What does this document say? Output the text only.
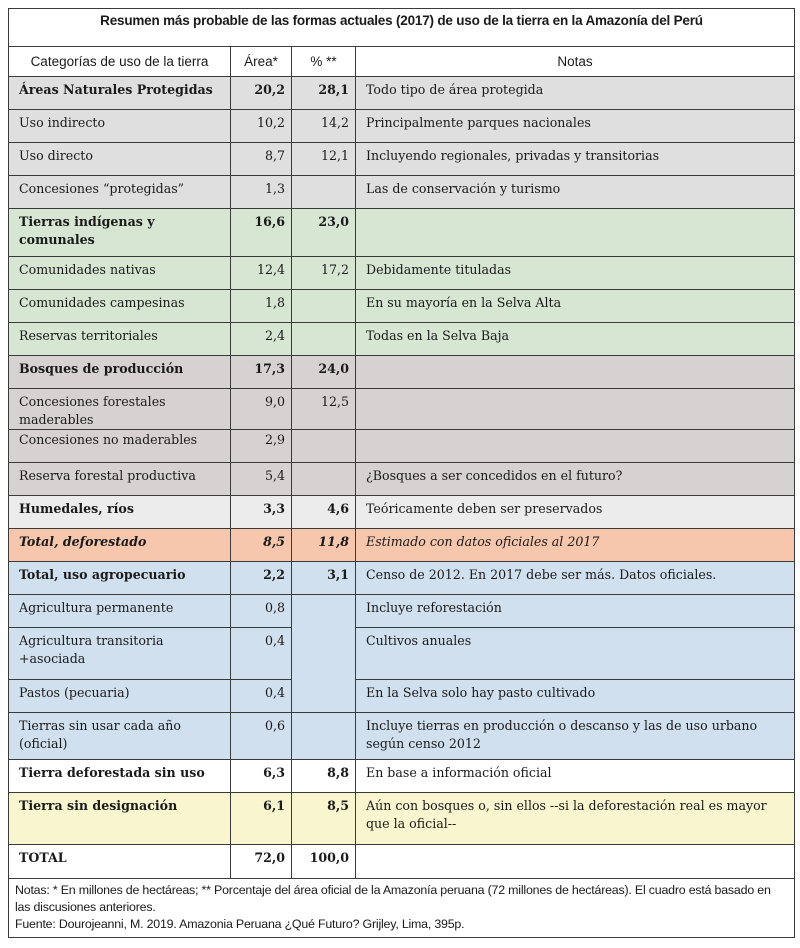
Resumen más probable de las formas actuales (2017) de uso de la tierra en la Amazonía del Perú			
Categorías de uso de la tierra	Área*	% **	Notas
Áreas Naturales Protegidas	20,2	28,1	Todo tipo de área protegida
Uso indirecto	10,2	14,2	Principalmente parques nacionales
Uso directo	8,7	12,1	Incluyendo regionales, privadas y transitorias
Concesiones “protegidas”	1,3		Las de conservación y turismo
Tierras indígenas y comunales	16,6	23,0	
Comunidades nativas	12,4	17,2	Debidamente tituladas
Comunidades campesinas	1,8		En su mayoría en la Selva Alta
Reservas territoriales	2,4		Todas en la Selva Baja
Bosques de producción	17,3	24,0	
Concesiones forestales maderables	9,0	12,5	
Concesiones no maderables	2,9		
Reserva forestal productiva	5,4		¿Bosques a ser concedidos en el futuro?
Humedales, ríos	3,3	4,6	Teóricamente deben ser preservados
Total, deforestado	8,5	11,8	Estimado con datos oficiales al 2017
Total, uso agropecuario	2,2	3,1	Censo de 2012. En 2017 debe ser más. Datos oficiales.
Agricultura permanente	0,8		Incluye reforestación
Agricultura transitoria +asociada	0,4		Cultivos anuales
Pastos (pecuaria)	0,4		En la Selva solo hay pasto cultivado
Tierras sin usar cada año (oficial)	0,6		Incluye tierras en producción o descanso y las de uso urbano según censo 2012
Tierra deforestada sin uso	6,3	8,8	En base a información oficial
Tierra sin designación	6,1	8,5	Aún con bosques o, sin ellos --si la deforestación real es mayor que la oficial--
TOTAL	72,0	100,0	

Notas: * En millones de hectáreas; ** Porcentaje del área oficial de la Amazonía peruana (72 millones de hectáreas). El cuadro está basado en las discusiones anteriores.
Fuente: Dourojeanni, M. 2019. Amazonia Peruana ¿Qué Futuro? Grijley, Lima, 395p.			
